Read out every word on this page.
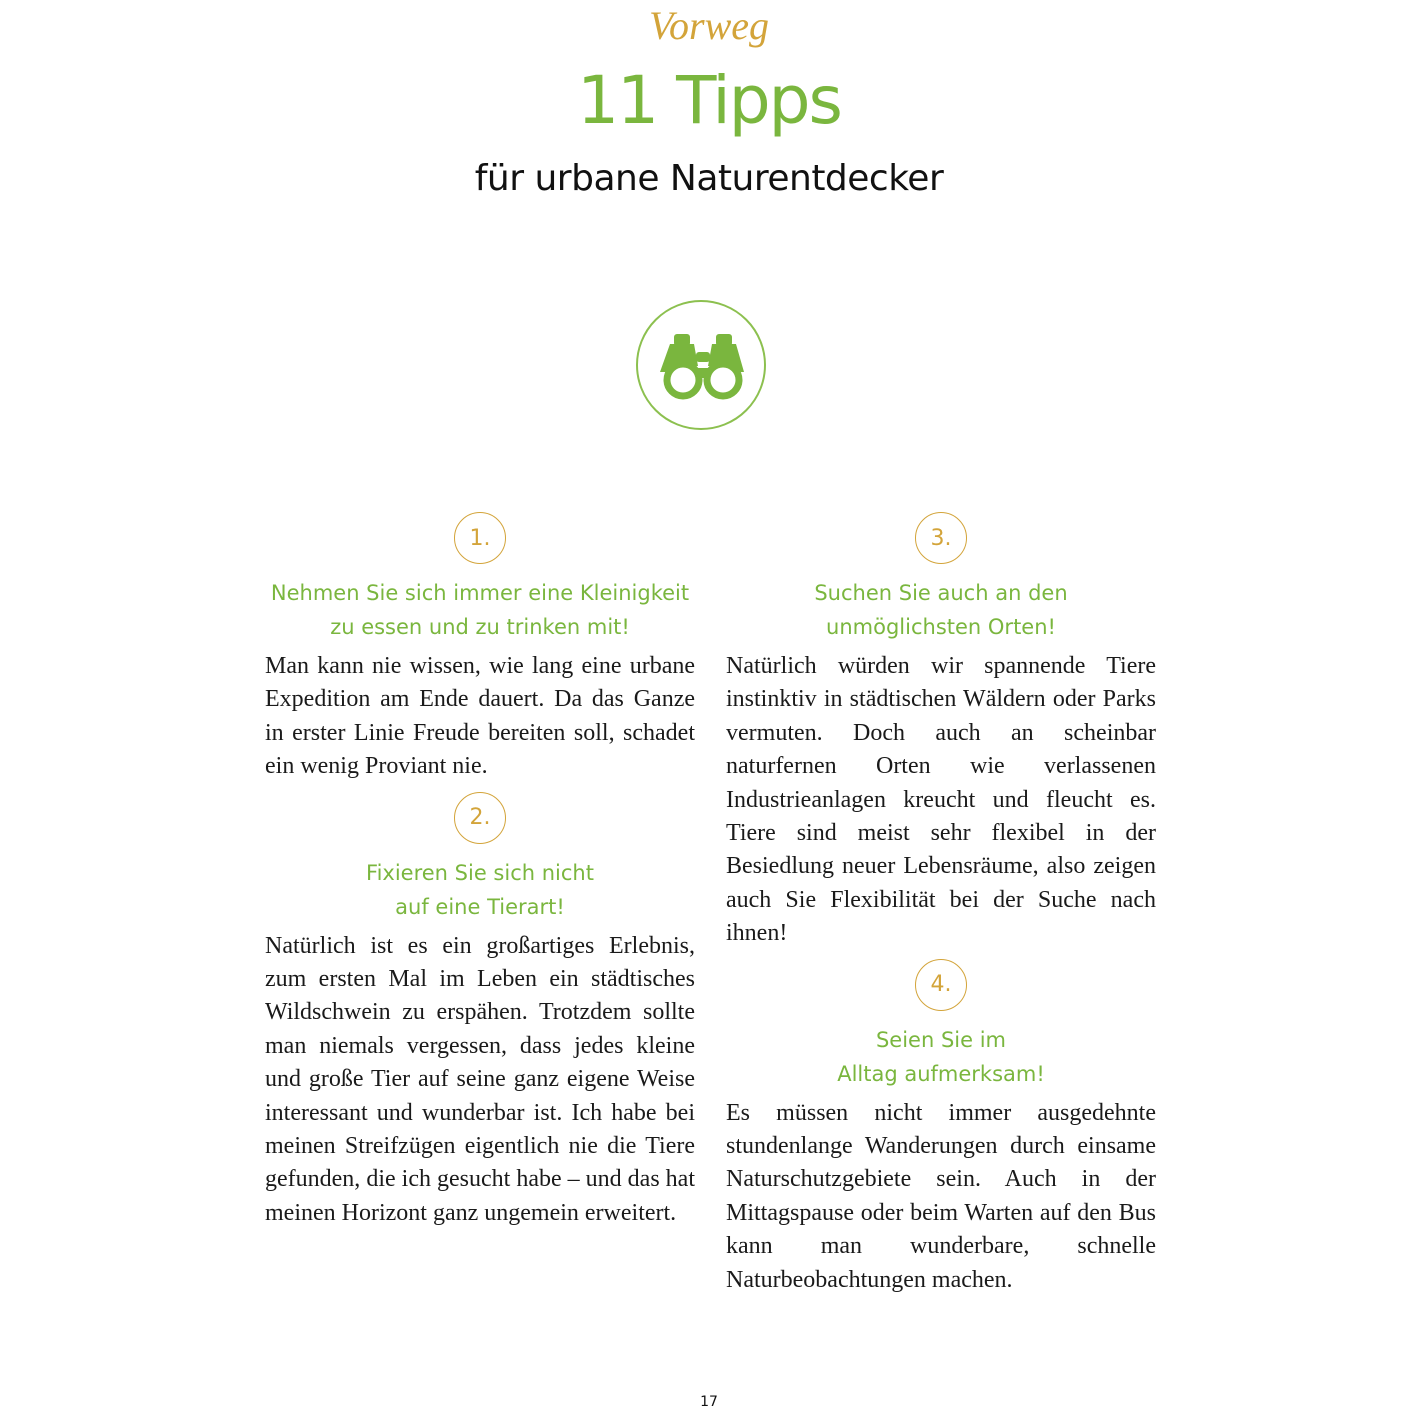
Vorweg
11 Tipps
für urbane Naturentdecker
1.
Nehmen Sie sich immer eine Kleinigkeit
zu essen und zu trinken mit!
Man kann nie wissen, wie lang eine urbane Expedition am Ende dauert. Da das Ganze in erster Linie Freude bereiten soll, schadet ein wenig Proviant nie.
2.
Fixieren Sie sich nicht
auf eine Tierart!
Natürlich ist es ein großartiges Erlebnis, zum ersten Mal im Leben ein städtisches Wildschwein zu erspähen. Trotzdem sollte man niemals vergessen, dass jedes kleine und große Tier auf seine ganz eigene Weise interessant und wunderbar ist. Ich habe bei meinen Streifzügen eigentlich nie die Tiere gefunden, die ich gesucht habe – und das hat meinen Horizont ganz ungemein erweitert.
3.
Suchen Sie auch an den
unmöglichsten Orten!
Natürlich würden wir spannende Tiere instinktiv in städtischen Wäldern oder Parks vermuten. Doch auch an scheinbar naturfernen Orten wie verlassenen Industrieanlagen kreucht und fleucht es. Tiere sind meist sehr flexibel in der Besiedlung neuer Lebensräume, also zeigen auch Sie Flexibilität bei der Suche nach ihnen!
4.
Seien Sie im
Alltag aufmerksam!
Es müssen nicht immer ausgedehnte stundenlange Wanderungen durch einsame Naturschutzgebiete sein. Auch in der Mittagspause oder beim Warten auf den Bus kann man wunderbare, schnelle Naturbeobachtungen machen.
17
